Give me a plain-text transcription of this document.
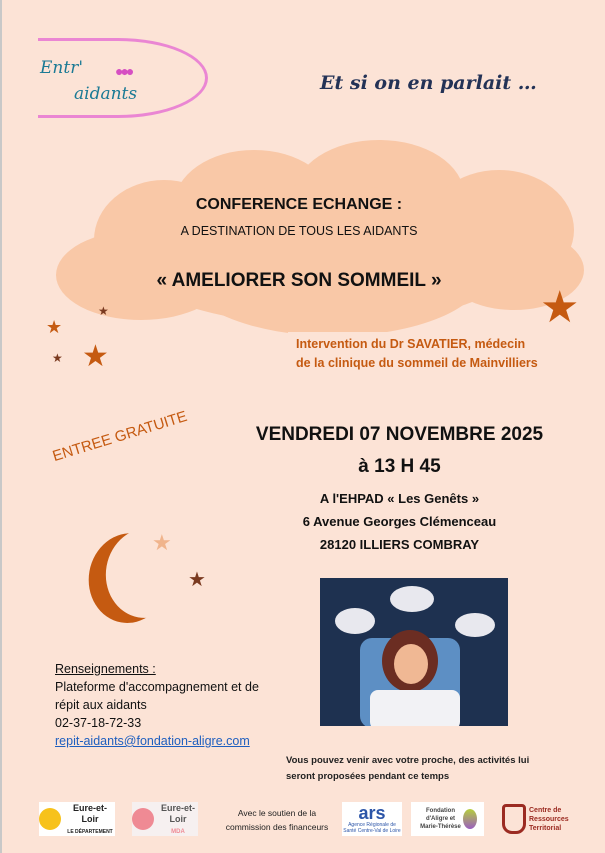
Entr'
aidants
●●●
Et si on en parlait …
CONFERENCE ECHANGE :
A DESTINATION DE TOUS LES AIDANTS
« AMELIORER SON SOMMEIL »
★
★
★
★
★
Intervention du Dr SAVATIER, médecin
de la clinique du sommeil de Mainvilliers
ENTREE GRATUITE	VENDREDI 07 NOVEMBRE 2025
à 13 H 45
A l'EHPAD « Les Genêts »
6 Avenue Georges Clémenceau
28120 ILLIERS COMBRAY
★
★
Renseignements :
Plateforme d'accompagnement et de
répit aux aidants
02-37-18-72-33
repit-aidants@fondation-aligre.com
Vous pouvez venir avec votre proche, des activités lui
seront proposées pendant ce temps
Eure-et-Loir
LE DÉPARTEMENT
Eure-et-Loir
MDA
Avec le soutien de la
commission des financeurs
ars
Agence Régionale de Santé Centre-Val de Loire
Fondation d'Aligre et Marie-Thérèse
Centre de Ressources Territorial
